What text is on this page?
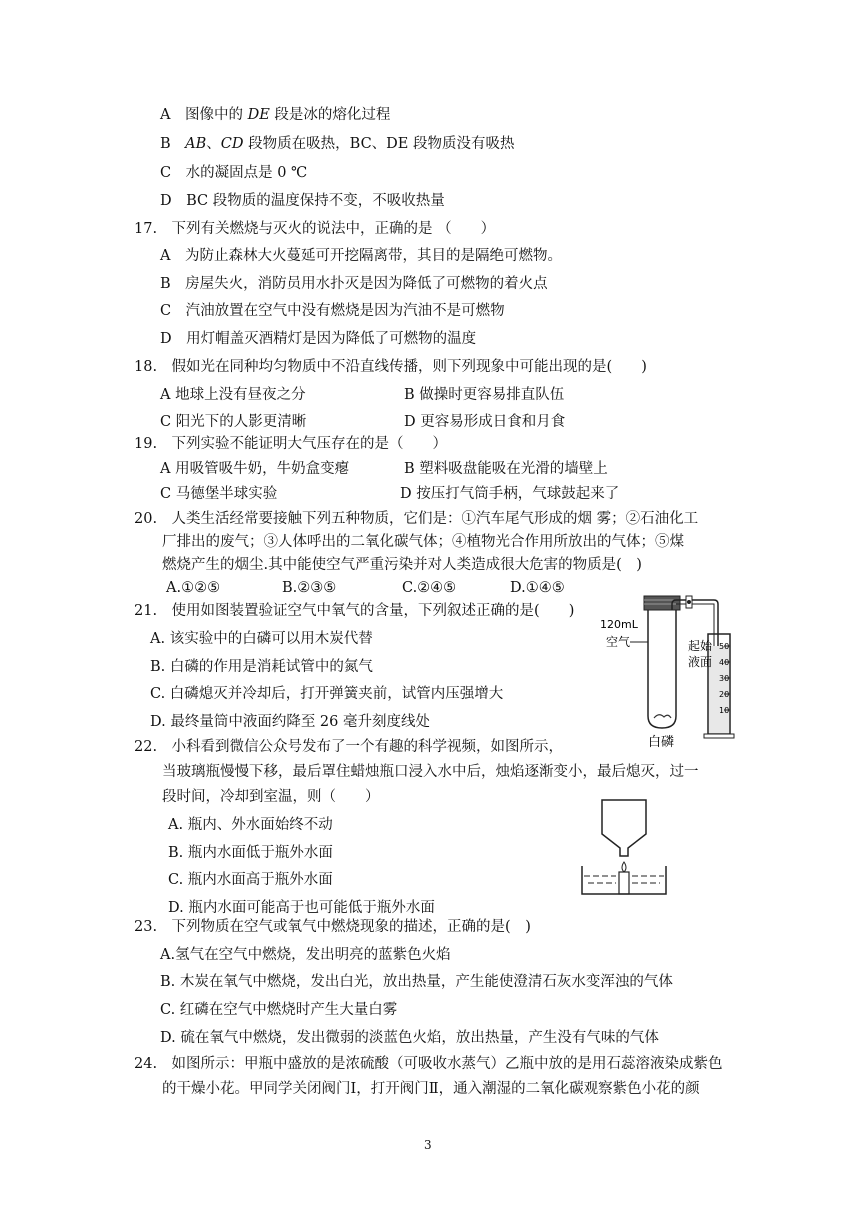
A　图像中的 DE 段是冰的熔化过程
B　AB、CD 段物质在吸热，BC、DE 段物质没有吸热
C　水的凝固点是 0 ℃
D　BC 段物质的温度保持不变，不吸收热量
17.　下列有关燃烧与灭火的说法中，正确的是 （　　）
A　为防止森林大火蔓延可开挖隔离带，其目的是隔绝可燃物。
B　房屋失火，消防员用水扑灭是因为降低了可燃物的着火点
C　汽油放置在空气中没有燃烧是因为汽油不是可燃物
D　用灯帽盖灭酒精灯是因为降低了可燃物的温度
18.　假如光在同种均匀物质中不沿直线传播，则下列现象中可能出现的是(　　)
A 地球上没有昼夜之分	B 做操时更容易排直队伍
C 阳光下的人影更清晰	D 更容易形成日食和月食
19.　下列实验不能证明大气压存在的是（　　）
A 用吸管吸牛奶，牛奶盒变瘪	B 塑料吸盘能吸在光滑的墙壁上
C 马德堡半球实验	D 按压打气筒手柄，气球鼓起来了
20.　人类生活经常要接触下列五种物质，它们是：①汽车尾气形成的烟 雾；②石油化工
厂排出的废气；③人体呼出的二氧化碳气体；④植物光合作用所放出的气体；⑤煤
燃烧产生的烟尘.其中能使空气严重污染并对人类造成很大危害的物质是(　)
A.①②⑤	B.②③⑤	C.②④⑤	D.①④⑤
21.　使用如图装置验证空气中氧气的含量，下列叙述正确的是(　　)
A. 该实验中的白磷可以用木炭代替
B. 白磷的作用是消耗试管中的氮气
C. 白磷熄灭并冷却后，打开弹簧夹前，试管内压强增大
D. 最终量筒中液面约降至 26 毫升刻度线处
50
40
30
20
10
120mL
空气	起始
液面
白磷
22.　小科看到微信公众号发布了一个有趣的科学视频，如图所示，
当玻璃瓶慢慢下移，最后罩住蜡烛瓶口浸入水中后，烛焰逐渐变小，最后熄灭，过一
段时间，冷却到室温，则（　　）
A. 瓶内、外水面始终不动
B. 瓶内水面低于瓶外水面
C. 瓶内水面高于瓶外水面
D. 瓶内水面可能高于也可能低于瓶外水面
23.　下列物质在空气或氧气中燃烧现象的描述，正确的是(　)
A.氢气在空气中燃烧，发出明亮的蓝紫色火焰
B. 木炭在氧气中燃烧，发出白光，放出热量，产生能使澄清石灰水变浑浊的气体
C. 红磷在空气中燃烧时产生大量白雾
D. 硫在氧气中燃烧，发出微弱的淡蓝色火焰，放出热量，产生没有气味的气体
24.　如图所示：甲瓶中盛放的是浓硫酸（可吸收水蒸气）乙瓶中放的是用石蕊溶液染成紫色
的干燥小花。甲同学关闭阀门Ⅰ，打开阀门Ⅱ，通入潮湿的二氧化碳观察紫色小花的颜
3
